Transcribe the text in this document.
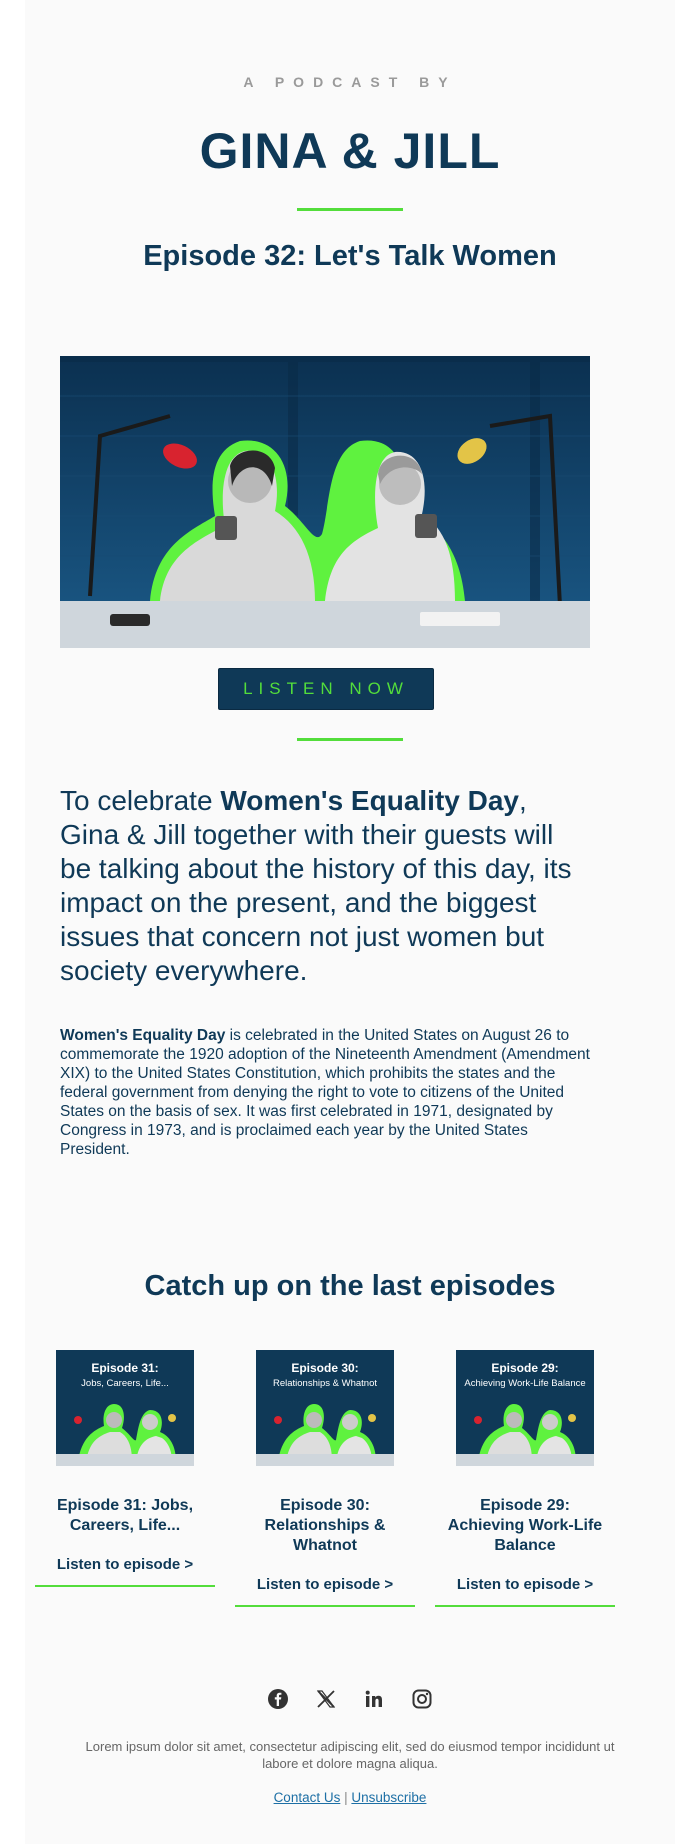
A PODCAST BY
GINA & JILL
Episode 32: Let's Talk Women
LISTEN NOW
To celebrate Women's Equality Day, Gina & Jill together with their guests will be talking about the history of this day, its impact on the present, and the biggest issues that concern not just women but society everywhere.
Women's Equality Day is celebrated in the United States on August 26 to commemorate the 1920 adoption of the Nineteenth Amendment (Amendment XIX) to the United States Constitution, which prohibits the states and the federal government from denying the right to vote to citizens of the United States on the basis of sex. It was first celebrated in 1971, designated by Congress in 1973, and is proclaimed each year by the United States President.
Catch up on the last episodes
Episode 31:
Jobs, Careers, Life...
Episode 31: Jobs, Careers, Life...
Listen to episode >
Episode 30:
Relationships & Whatnot
Episode 30: Relationships & Whatnot
Listen to episode >
Episode 29:
Achieving Work-Life Balance
Episode 29: Achieving Work-Life Balance
Listen to episode >
Lorem ipsum dolor sit amet, consectetur adipiscing elit, sed do eiusmod tempor incididunt ut labore et dolore magna aliqua.
Contact Us | Unsubscribe
